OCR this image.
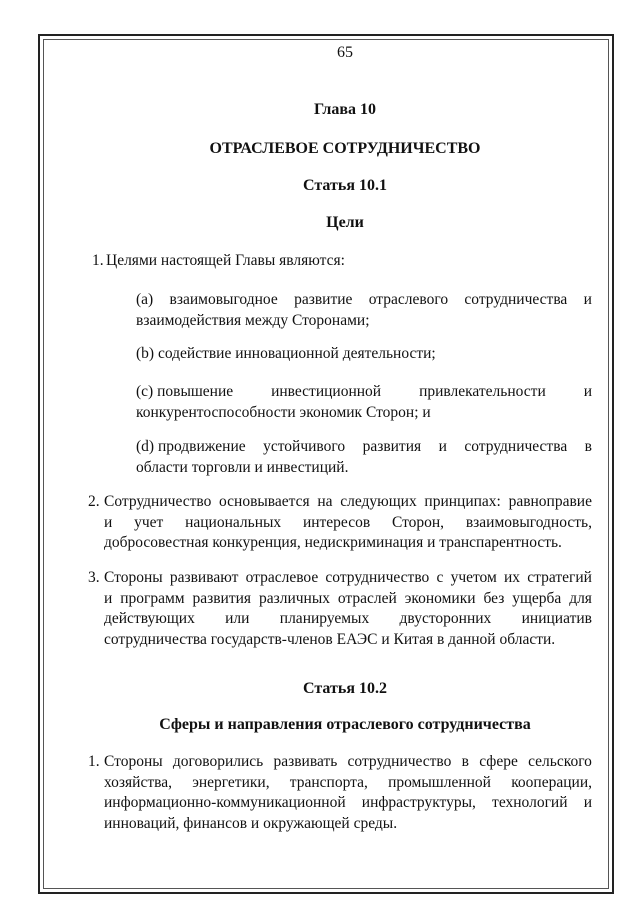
65
Глава 10
ОТРАСЛЕВОЕ СОТРУДНИЧЕСТВО
Статья 10.1
Цели
1. Целями настоящей Главы являются:
(a) взаимовыгодное развитие отраслевого сотрудничества и
взаимодействия между Сторонами;
(b) содействие инновационной деятельности;
(c) повышение инвестиционной привлекательности и
конкурентоспособности экономик Сторон; и
(d) продвижение устойчивого развития и сотрудничества в
области торговли и инвестиций.
2. Сотрудничество основывается на следующих принципах: равноправие
и учет национальных интересов Сторон, взаимовыгодность,
добросовестная конкуренция, недискриминация и транспарентность.
3. Стороны развивают отраслевое сотрудничество с учетом их стратегий
и программ развития различных отраслей экономики без ущерба для
действующих или планируемых двусторонних инициатив
сотрудничества государств-членов ЕАЭС и Китая в данной области.
Статья 10.2
Сферы и направления отраслевого сотрудничества
1. Стороны договорились развивать сотрудничество в сфере сельского
хозяйства, энергетики, транспорта, промышленной кооперации,
информационно-коммуникационной инфраструктуры, технологий и
инноваций, финансов и окружающей среды.
